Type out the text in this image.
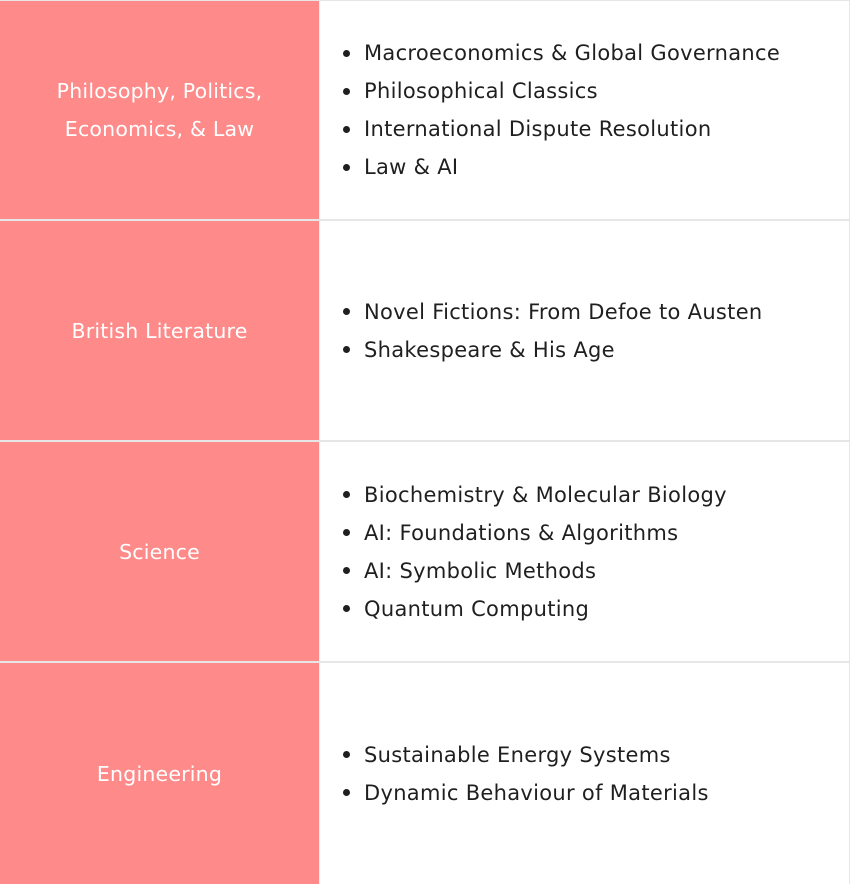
Philosophy, Politics,
Economics, & Law
Macroeconomics & Global Governance
Philosophical Classics
International Dispute Resolution
Law & AI
British Literature
Novel Fictions: From Defoe to Austen
Shakespeare & His Age
Science
Biochemistry & Molecular Biology
AI: Foundations & Algorithms
AI: Symbolic Methods
Quantum Computing
Engineering
Sustainable Energy Systems
Dynamic Behaviour of Materials
